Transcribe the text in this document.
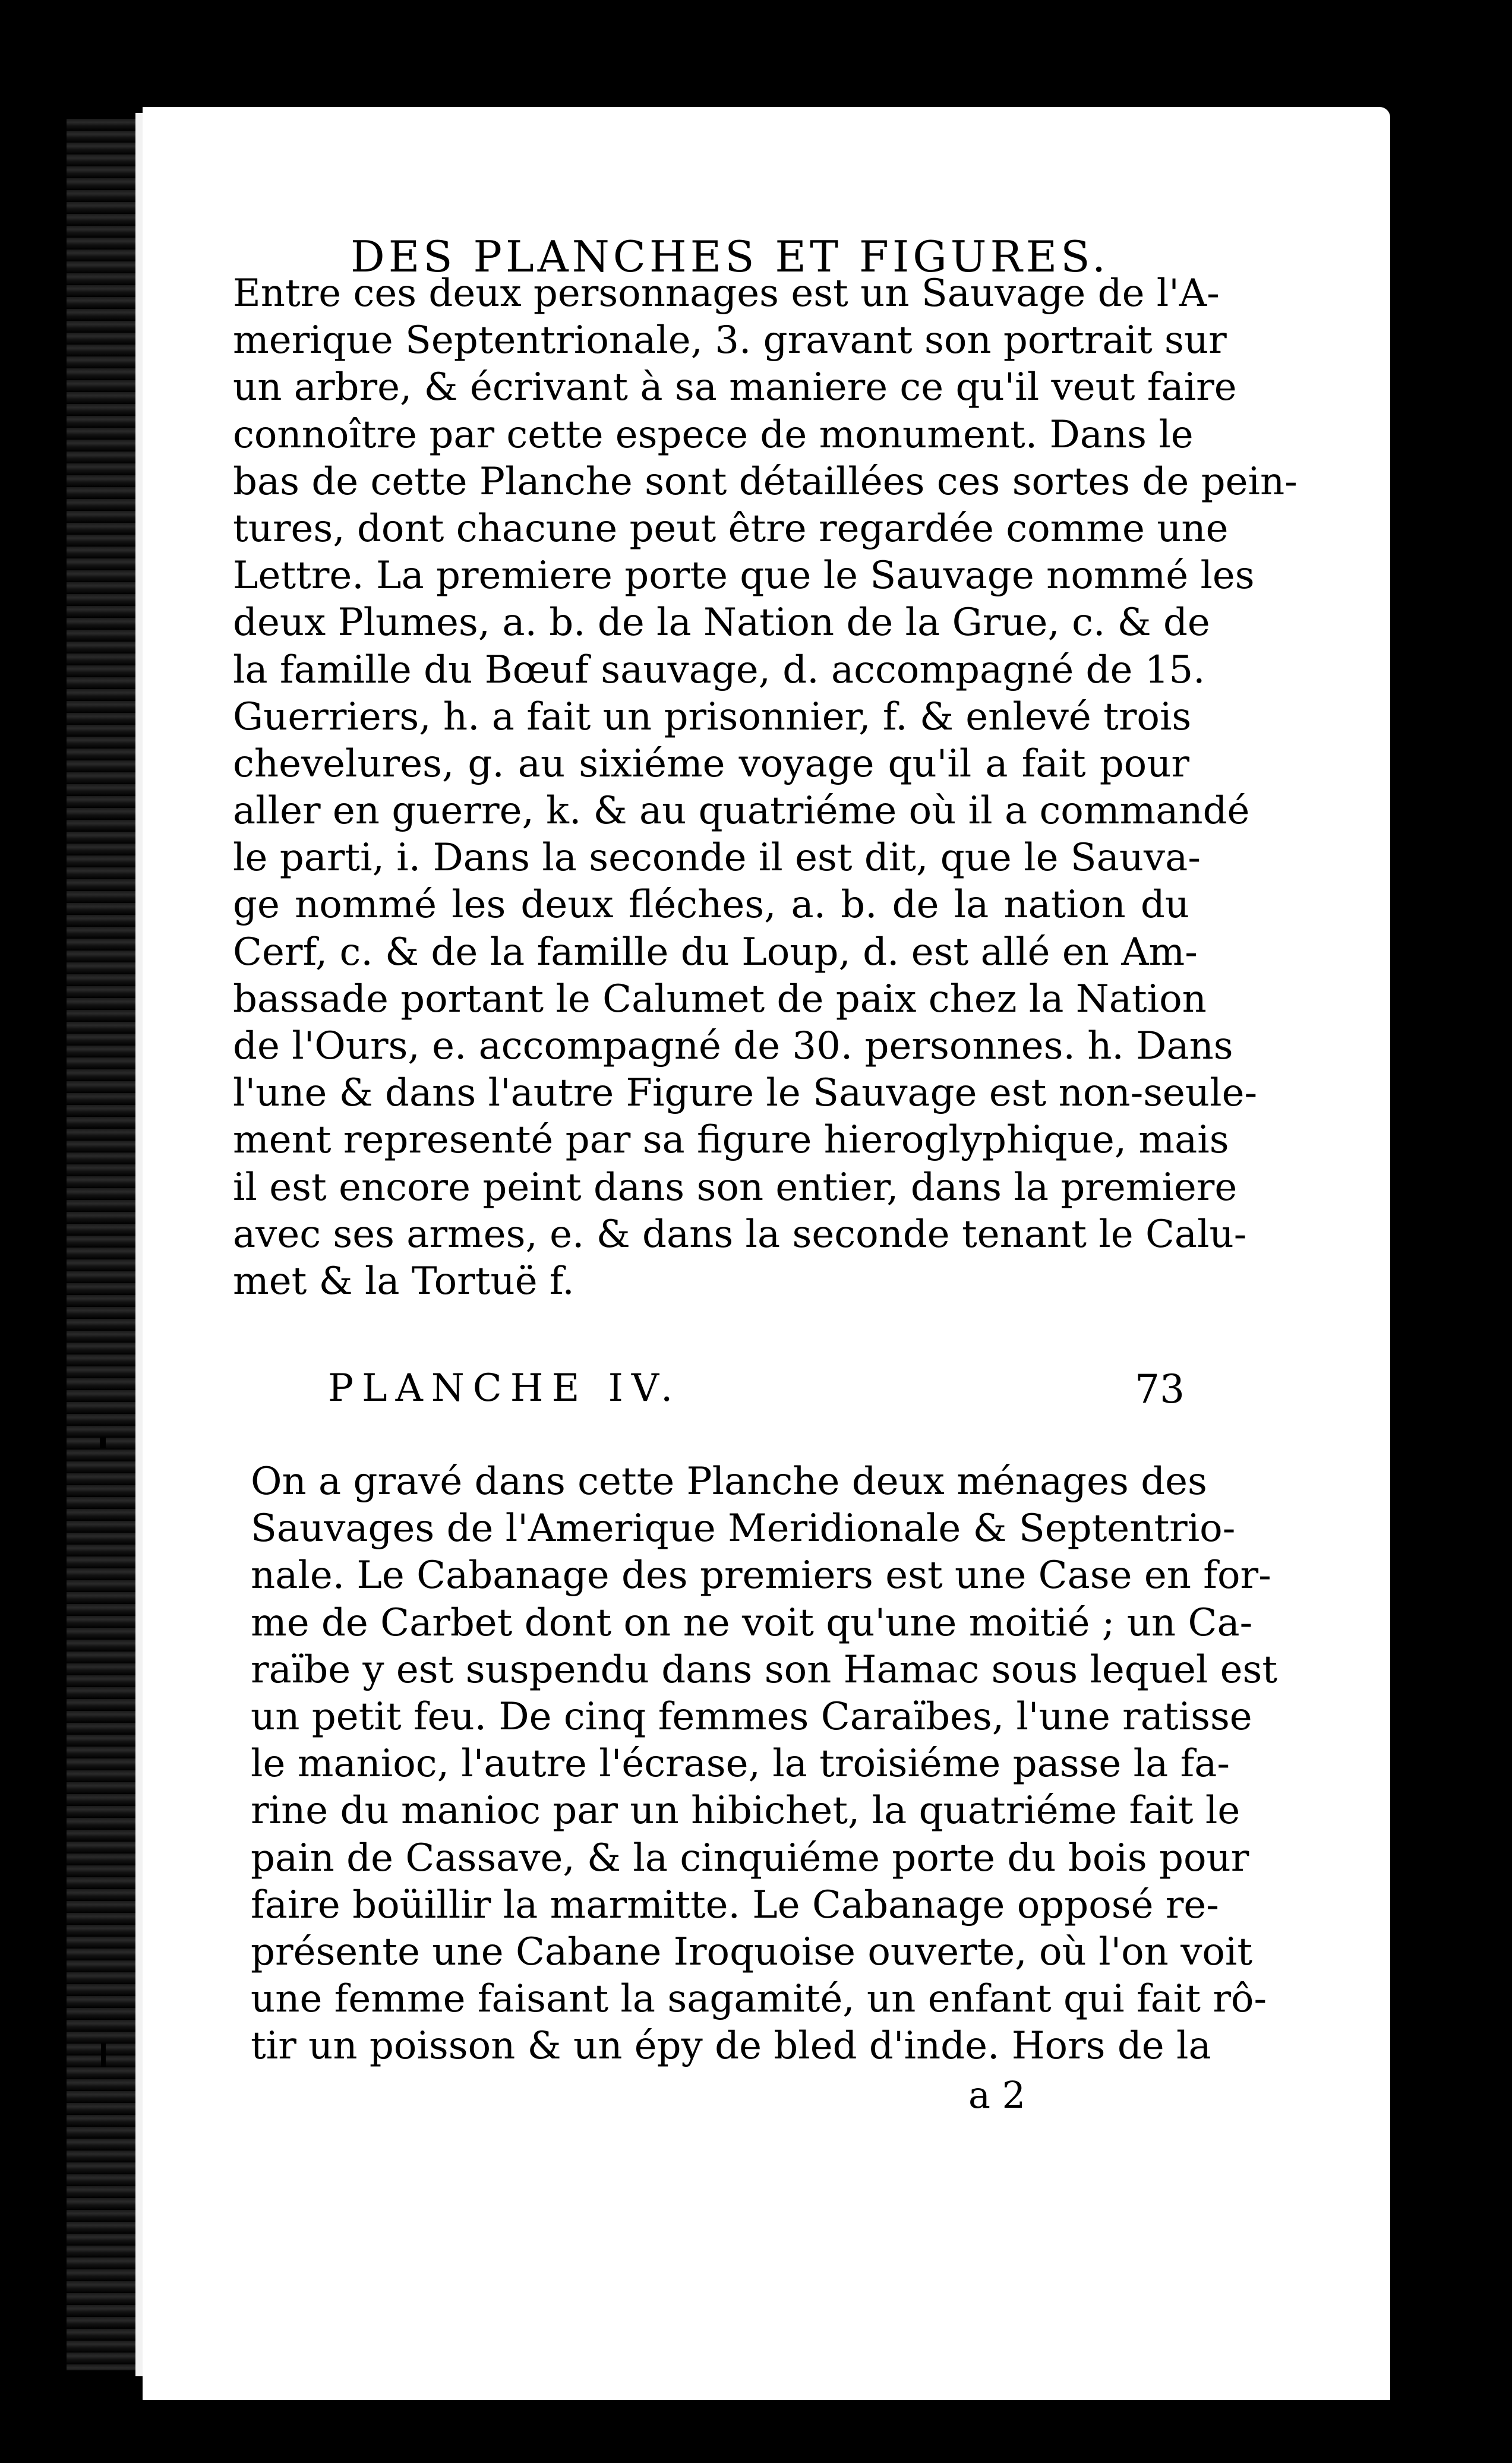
DES PLANCHES ET FIGURES.
Entre ces deux personnages est un Sauvage de l'A-
merique Septentrionale, 3. gravant son portrait sur
un arbre, & écrivant à sa maniere ce qu'il veut faire
connoître par cette espece de monument. Dans le
bas de cette Planche sont détaillées ces sortes de pein-
tures, dont chacune peut être regardée comme une
Lettre. La premiere porte que le Sauvage nommé les
deux Plumes, a. b. de la Nation de la Grue, c. & de
la famille du Bœuf sauvage, d. accompagné de 15.
Guerriers, h. a fait un prisonnier, f. & enlevé trois
chevelures, g. au sixiéme voyage qu'il a fait pour
aller en guerre, k. & au quatriéme où il a commandé
le parti, i. Dans la seconde il est dit, que le Sauva-
ge nommé les deux fléches, a. b. de la nation du
Cerf, c. & de la famille du Loup, d. est allé en Am-
bassade portant le Calumet de paix chez la Nation
de l'Ours, e. accompagné de 30. personnes. h. Dans
l'une & dans l'autre Figure le Sauvage est non-seule-
ment representé par sa figure hieroglyphique, mais
il est encore peint dans son entier, dans la premiere
avec ses armes, e. & dans la seconde tenant le Calu-
met & la Tortuë f.
PLANCHE IV.	73
On a gravé dans cette Planche deux ménages des
Sauvages de l'Amerique Meridionale & Septentrio-
nale. Le Cabanage des premiers est une Case en for-
me de Carbet dont on ne voit qu'une moitié ; un Ca-
raïbe y est suspendu dans son Hamac sous lequel est
un petit feu. De cinq femmes Caraïbes, l'une ratisse
le manioc, l'autre l'écrase, la troisiéme passe la fa-
rine du manioc par un hibichet, la quatriéme fait le
pain de Cassave, & la cinquiéme porte du bois pour
faire boüillir la marmitte. Le Cabanage opposé re-
présente une Cabane Iroquoise ouverte, où l'on voit
une femme faisant la sagamité, un enfant qui fait rô-
tir un poisson & un épy de bled d'inde. Hors de la
a 2
